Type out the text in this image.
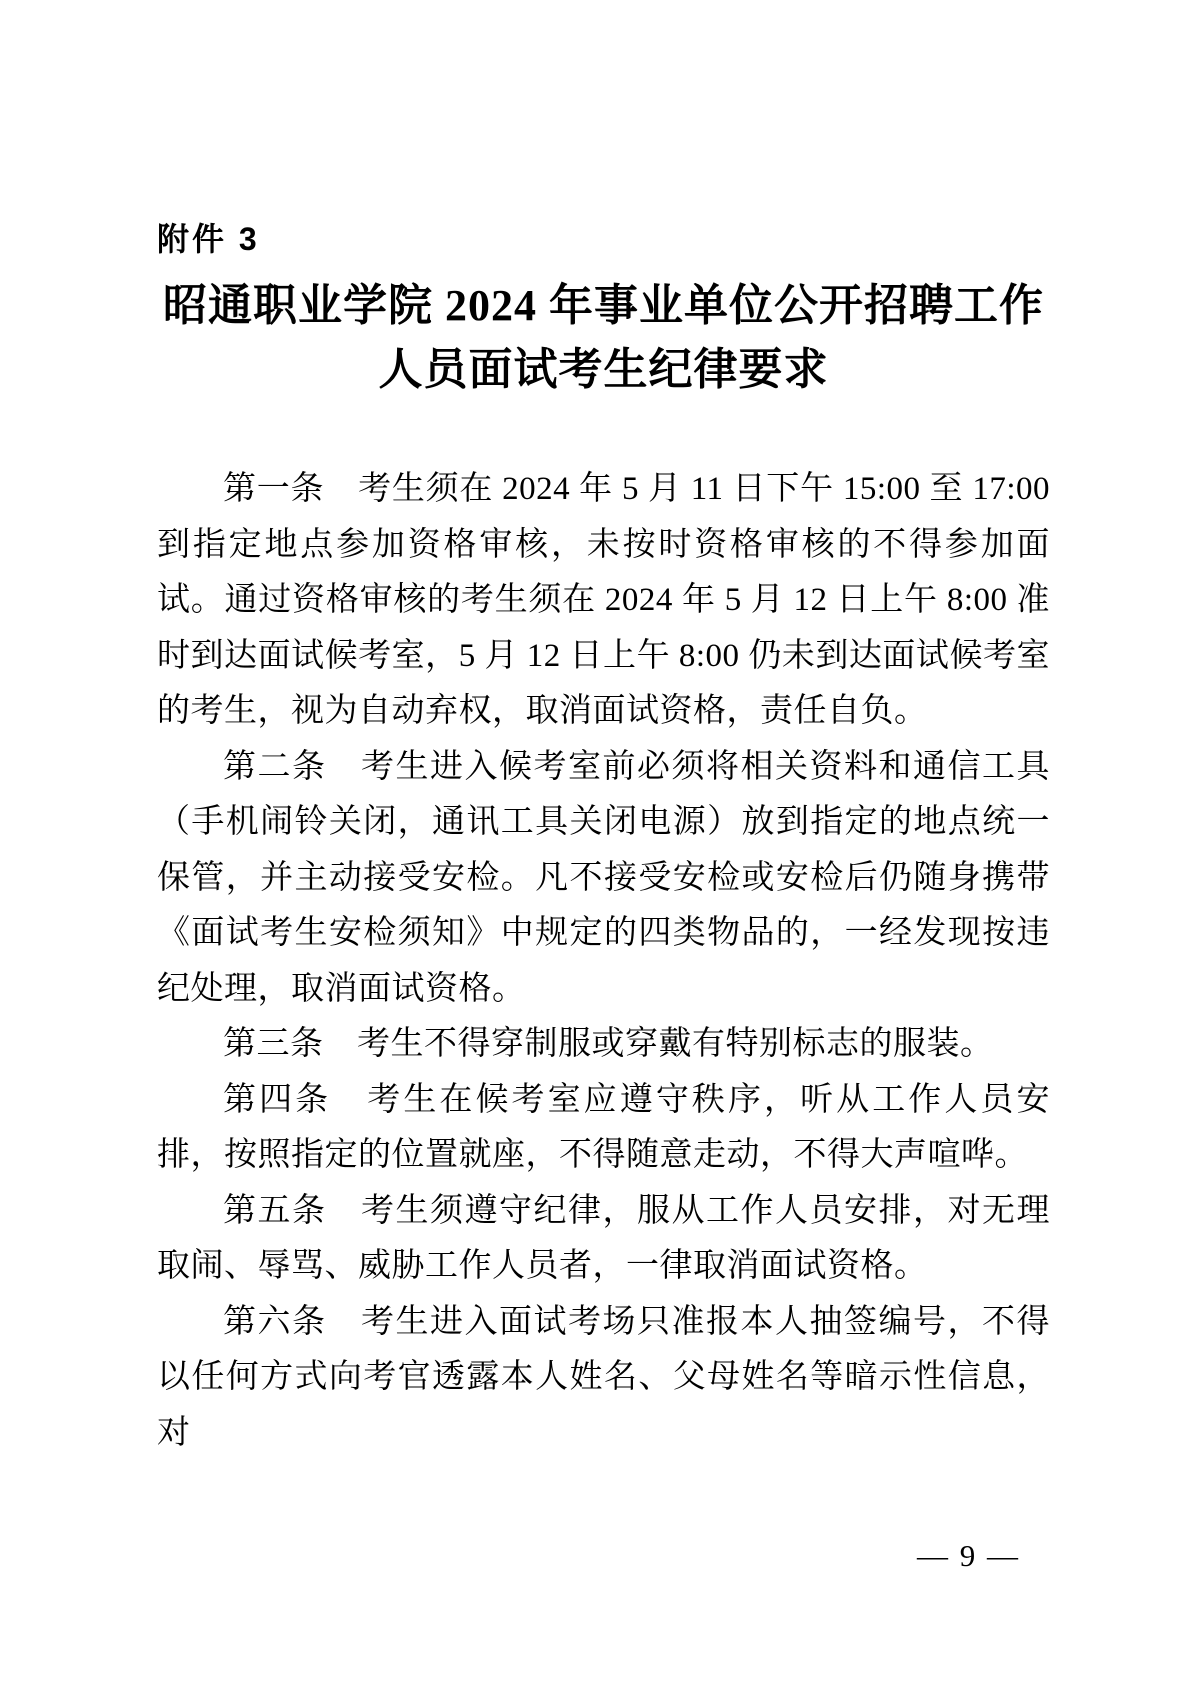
附件 3
昭通职业学院 2024 年事业单位公开招聘工作
人员面试考生纪律要求

第一条　考生须在 2024 年 5 月 11 日下午 15:00 至 17:00 到指定地点参加资格审核，未按时资格审核的不得参加面试。通过资格审核的考生须在 2024 年 5 月 12 日上午 8:00 准时到达面试候考室，5 月 12 日上午 8:00 仍未到达面试候考室的考生，视为自动弃权，取消面试资格，责任自负。

第二条　考生进入候考室前必须将相关资料和通信工具（手机闹铃关闭，通讯工具关闭电源）放到指定的地点统一保管，并主动接受安检。凡不接受安检或安检后仍随身携带《面试考生安检须知》中规定的四类物品的，一经发现按违纪处理，取消面试资格。

第三条　考生不得穿制服或穿戴有特别标志的服装。

第四条　考生在候考室应遵守秩序，听从工作人员安排，按照指定的位置就座，不得随意走动，不得大声喧哗。

第五条　考生须遵守纪律，服从工作人员安排，对无理取闹、辱骂、威胁工作人员者，一律取消面试资格。

第六条　考生进入面试考场只准报本人抽签编号，不得以任何方式向考官透露本人姓名、父母姓名等暗示性信息，对

— 9 —
